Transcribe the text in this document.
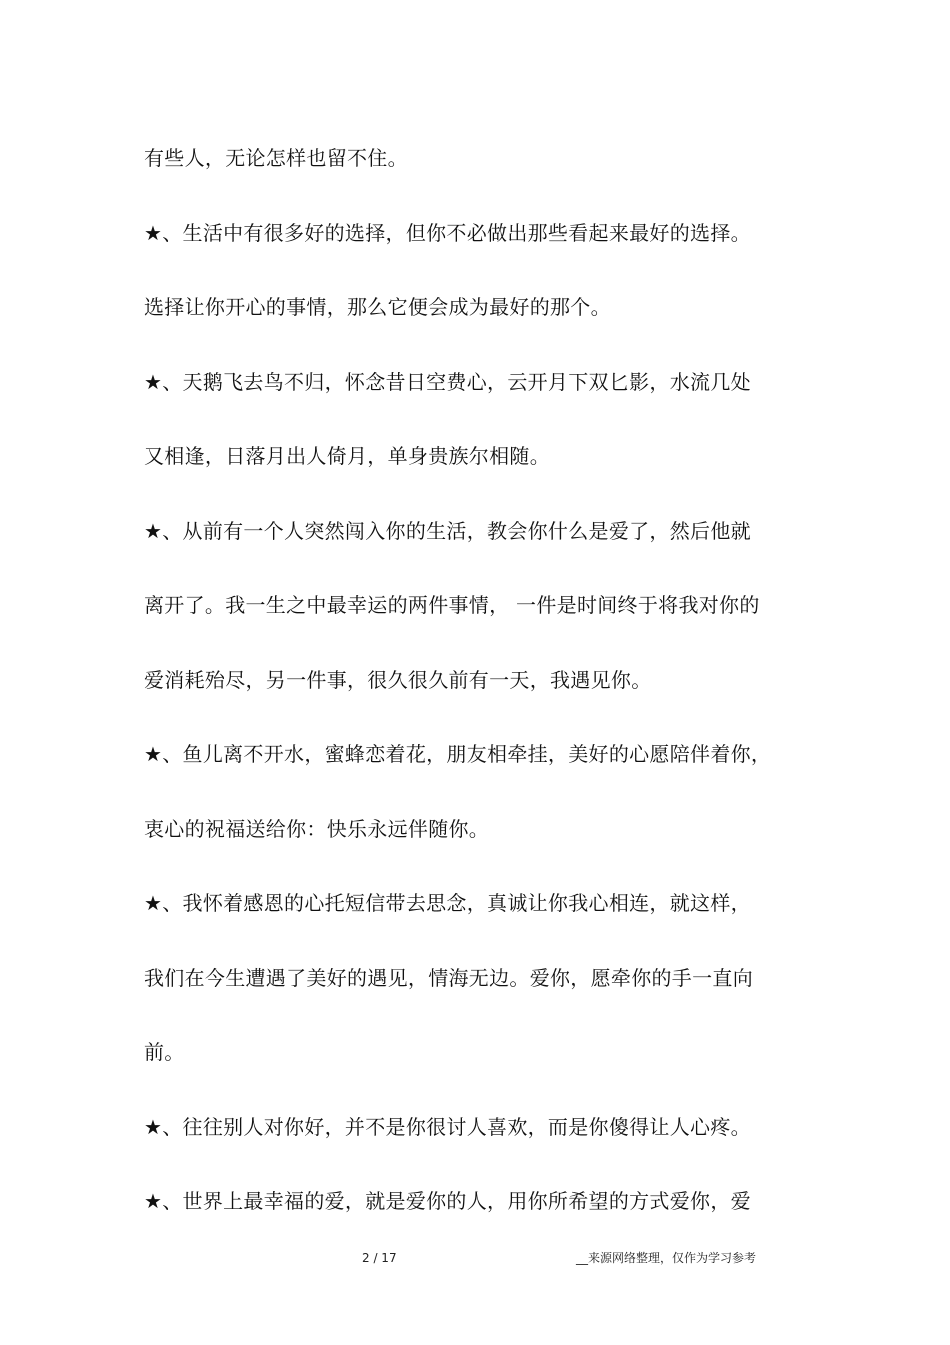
有些人，无论怎样也留不住。
★、生活中有很多好的选择，但你不必做出那些看起来最好的选择。
选择让你开心的事情，那么它便会成为最好的那个。
★、天鹅飞去鸟不归，怀念昔日空费心，云开月下双匕影，水流几处
又相逢，日落月出人倚月，单身贵族尔相随。
★、从前有一个人突然闯入你的生活，教会你什么是爱了，然后他就
离开了。我一生之中最幸运的两件事情， 一件是时间终于将我对你的
爱消耗殆尽，另一件事，很久很久前有一天，我遇见你。
★、鱼儿离不开水，蜜蜂恋着花，朋友相牵挂，美好的心愿陪伴着你，
衷心的祝福送给你：快乐永远伴随你。
★、我怀着感恩的心托短信带去思念，真诚让你我心相连，就这样，
我们在今生遭遇了美好的遇见，情海无边。爱你，愿牵你的手一直向
前。
★、往往别人对你好，并不是你很讨人喜欢，而是你傻得让人心疼。
★、世界上最幸福的爱，就是爱你的人，用你所希望的方式爱你，爱
2 / 17	__来源网络整理，仅作为学习参考
